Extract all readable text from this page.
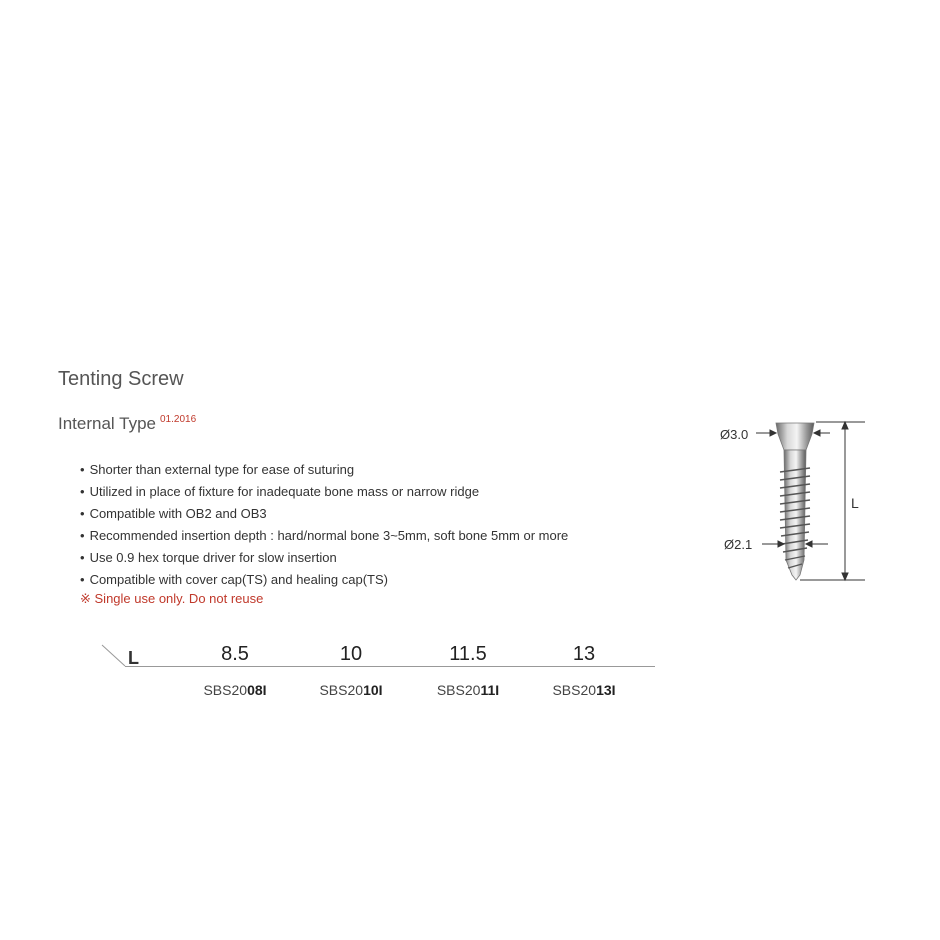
Tenting Screw
Internal Type $^{01.2016}$
• Shorter than external type for ease of suturing
• Utilized in place of fixture for inadequate bone mass or narrow ridge
• Compatible with OB2 and OB3
• Recommended insertion depth : hard/normal bone 3~5mm, soft bone 5mm or more
• Use 0.9 hex torque driver for slow insertion
• Compatible with cover cap(TS) and healing cap(TS)
※ Single use only. Do not reuse
L	8.5	10	11.5	13
SBS2008I	SBS2010I	SBS2011I	SBS2013I
Ø3.0
Ø2.1
L
